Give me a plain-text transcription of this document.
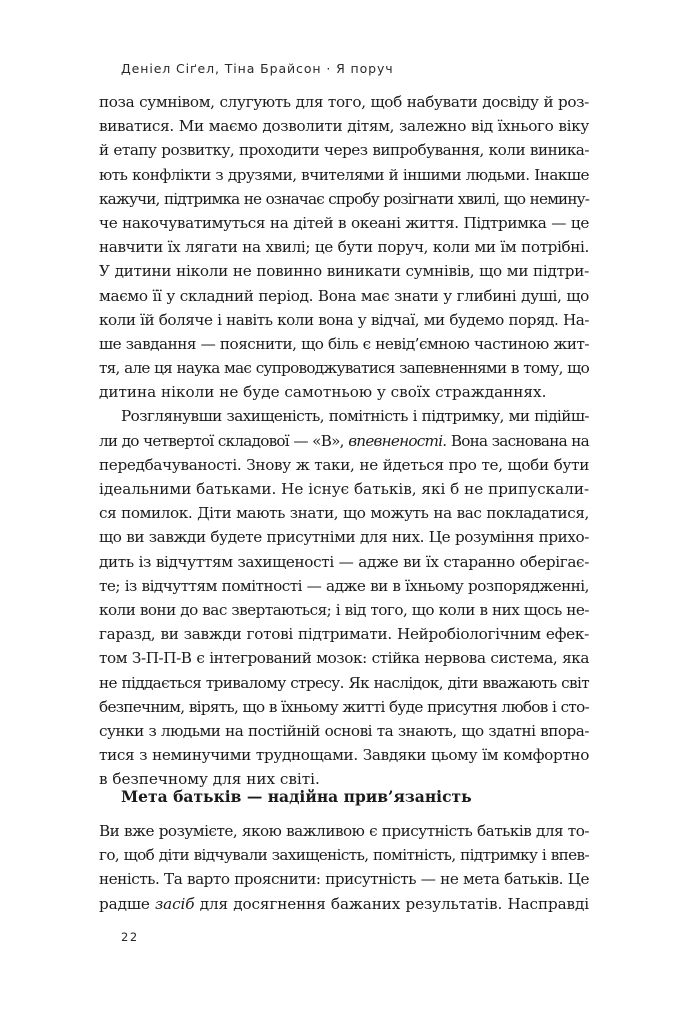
Деніел Сіґел, Тіна Брайсон · Я поруч
поза сумнівом, слугують для того, щоб набувати досвіду й роз-
виватися. Ми маємо дозволити дітям, залежно від їхнього віку
й етапу розвитку, проходити через випробування, коли виника-
ють конфлікти з друзями, вчителями й іншими людьми. Інакше
кажучи, підтримка не означає спробу розігнати хвилі, що немину-
че накочуватимуться на дітей в океані життя. Підтримка — це
навчити їх лягати на хвилі; це бути поруч, коли ми їм потрібні.
У дитини ніколи не повинно виникати сумнівів, що ми підтри-
маємо її у складний період. Вона має знати у глибині душі, що
коли їй боляче і навіть коли вона у відчаї, ми будемо поряд. На-
ше завдання — пояснити, що біль є невід’ємною частиною жит-
тя, але ця наука має супроводжуватися запевненнями в тому, що
дитина ніколи не буде самотньою у своїх стражданнях.
Розглянувши захищеність, помітність і підтримку, ми підійш-
ли до четвертої складової — «В», впевненості. Вона заснована на
передбачуваності. Знову ж таки, не йдеться про те, щоби бути
ідеальними батьками. Не існує батьків, які б не припускали-
ся помилок. Діти мають знати, що можуть на вас покладатися,
що ви завжди будете присутніми для них. Це розуміння прихо-
дить із відчуттям захищеності — адже ви їх старанно оберігає-
те; із відчуттям помітності — адже ви в їхньому розпорядженні,
коли вони до вас звертаються; і від того, що коли в них щось не-
гаразд, ви завжди готові підтримати. Нейробіологічним ефек-
том З-П-П-В є інтегрований мозок: стійка нервова система, яка
не піддається тривалому стресу. Як наслідок, діти вважають світ
безпечним, вірять, що в їхньому житті буде присутня любов і сто-
сунки з людьми на постійній основі та знають, що здатні впора-
тися з неминучими труднощами. Завдяки цьому їм комфортно
в безпечному для них світі.
Мета батьків — надійна прив’язаність
Ви вже розумієте, якою важливою є присутність батьків для то-
го, щоб діти відчували захищеність, помітність, підтримку і впев-
неність. Та варто прояснити: присутність — не мета батьків. Це
радше засіб для досягнення бажаних результатів. Насправді
22
